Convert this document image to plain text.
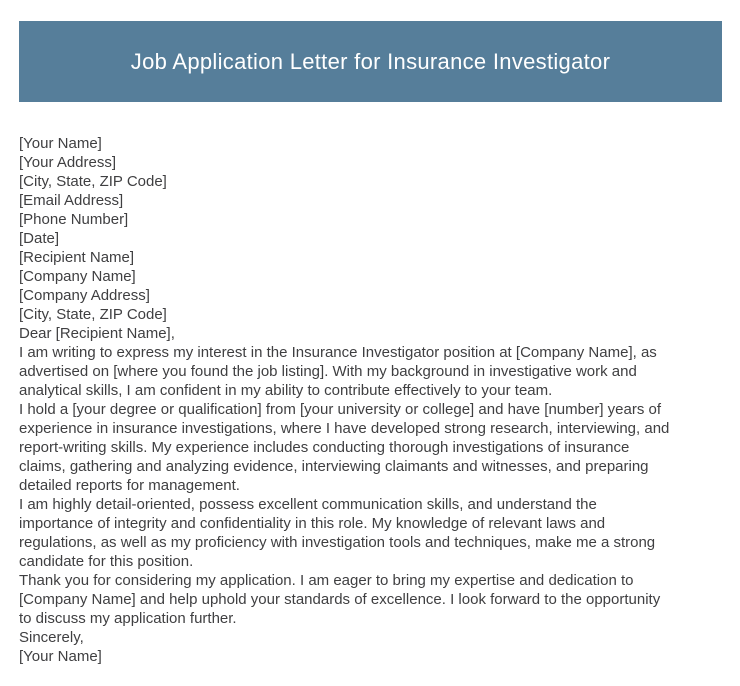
Job Application Letter for Insurance Investigator
[Your Name]
[Your Address]
[City, State, ZIP Code]
[Email Address]
[Phone Number]
[Date]
[Recipient Name]
[Company Name]
[Company Address]
[City, State, ZIP Code]
Dear [Recipient Name],
I am writing to express my interest in the Insurance Investigator position at [Company Name], as
advertised on [where you found the job listing]. With my background in investigative work and
analytical skills, I am confident in my ability to contribute effectively to your team.
I hold a [your degree or qualification] from [your university or college] and have [number] years of
experience in insurance investigations, where I have developed strong research, interviewing, and
report-writing skills. My experience includes conducting thorough investigations of insurance
claims, gathering and analyzing evidence, interviewing claimants and witnesses, and preparing
detailed reports for management.
I am highly detail-oriented, possess excellent communication skills, and understand the
importance of integrity and confidentiality in this role. My knowledge of relevant laws and
regulations, as well as my proficiency with investigation tools and techniques, make me a strong
candidate for this position.
Thank you for considering my application. I am eager to bring my expertise and dedication to
[Company Name] and help uphold your standards of excellence. I look forward to the opportunity
to discuss my application further.
Sincerely,
[Your Name]
